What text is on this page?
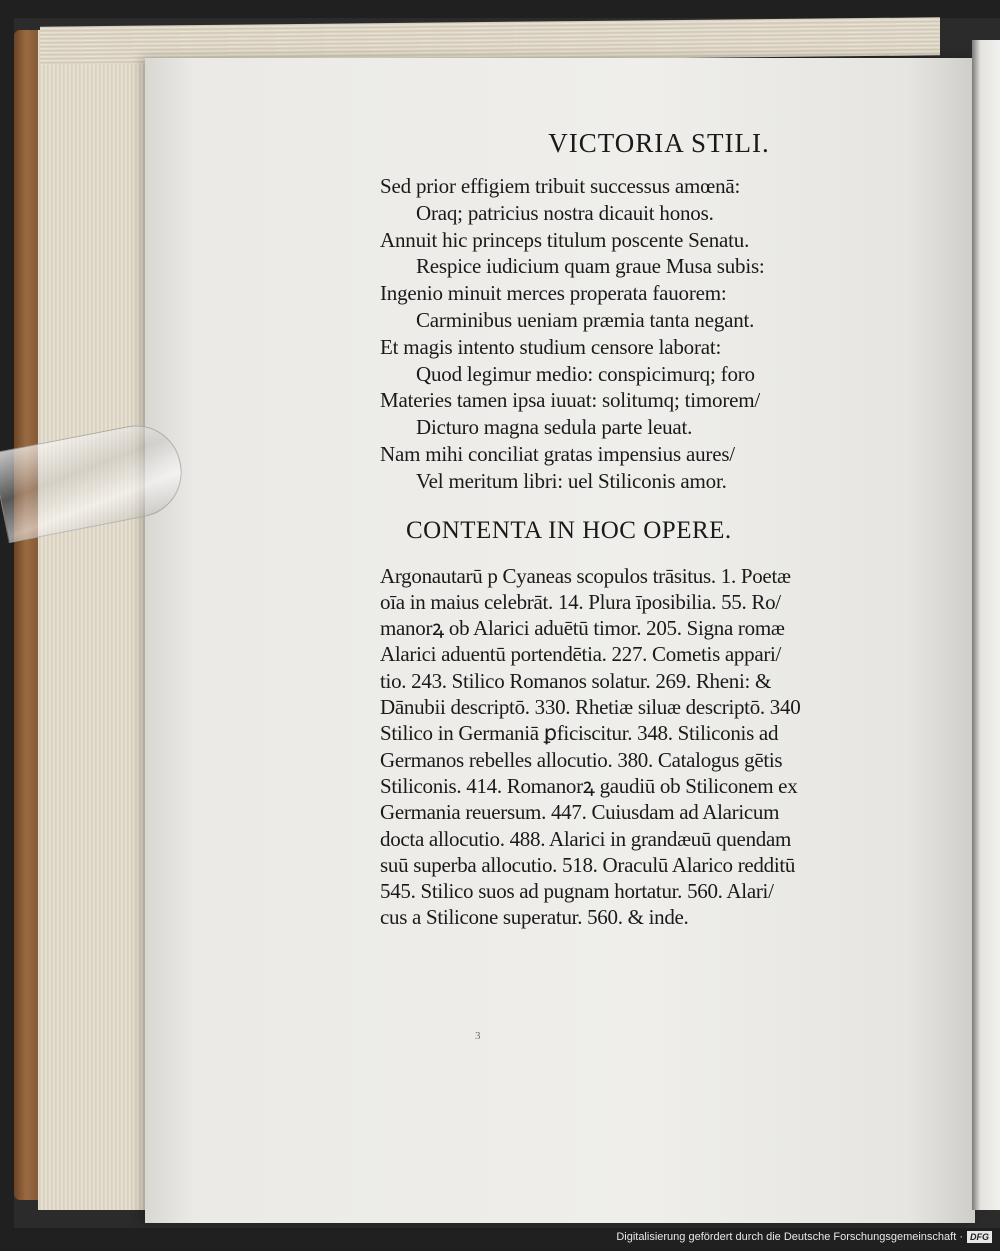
VICTORIA STILI.
Sed prior effigiem tribuit successus amœnā:
Oraq; patricius nostra dicauit honos.
Annuit hic princeps titulum poscente Senatu.
Respice iudicium quam graue Musa subis:
Ingenio minuit merces properata fauorem:
Carminibus ueniam præmia tanta negant.
Et magis intento studium censore laborat:
Quod legimur medio: conspicimurq; foro
Materies tamen ipsa iuuat: solitumq; timorem/
Dicturo magna sedula parte leuat.
Nam mihi conciliat gratas impensius aures/
Vel meritum libri: uel Stiliconis amor.
CONTENTA IN HOC OPERE.
Argonautarū p Cyaneas scopulos trāsitus. 1. Poetæ
oīa in maius celebrāt. 14. Plura īposibilia. 55. Ro/
manorꝝ ob Alarici aduētū timor. 205. Signa romæ
Alarici aduentū portendētia. 227. Cometis appari/
tio. 243. Stilico Romanos solatur. 269. Rheni: &
Dānubii descriptō. 330. Rhetiæ siluæ descriptō. 340
Stilico in Germaniā ꝑficiscitur. 348. Stiliconis ad
Germanos rebelles allocutio. 380. Catalogus gētis
Stiliconis. 414. Romanorꝝ gaudiū ob Stiliconem ex
Germania reuersum. 447. Cuiusdam ad Alaricum
docta allocutio. 488. Alarici in grandæuū quendam
suū superba allocutio. 518. Oraculū Alarico redditū
545. Stilico suos ad pugnam hortatur. 560. Alari/
cus a Stilicone superatur. 560. & inde.
3
Digitalisierung gefördert durch die Deutsche Forschungsgemeinschaft · DFG
